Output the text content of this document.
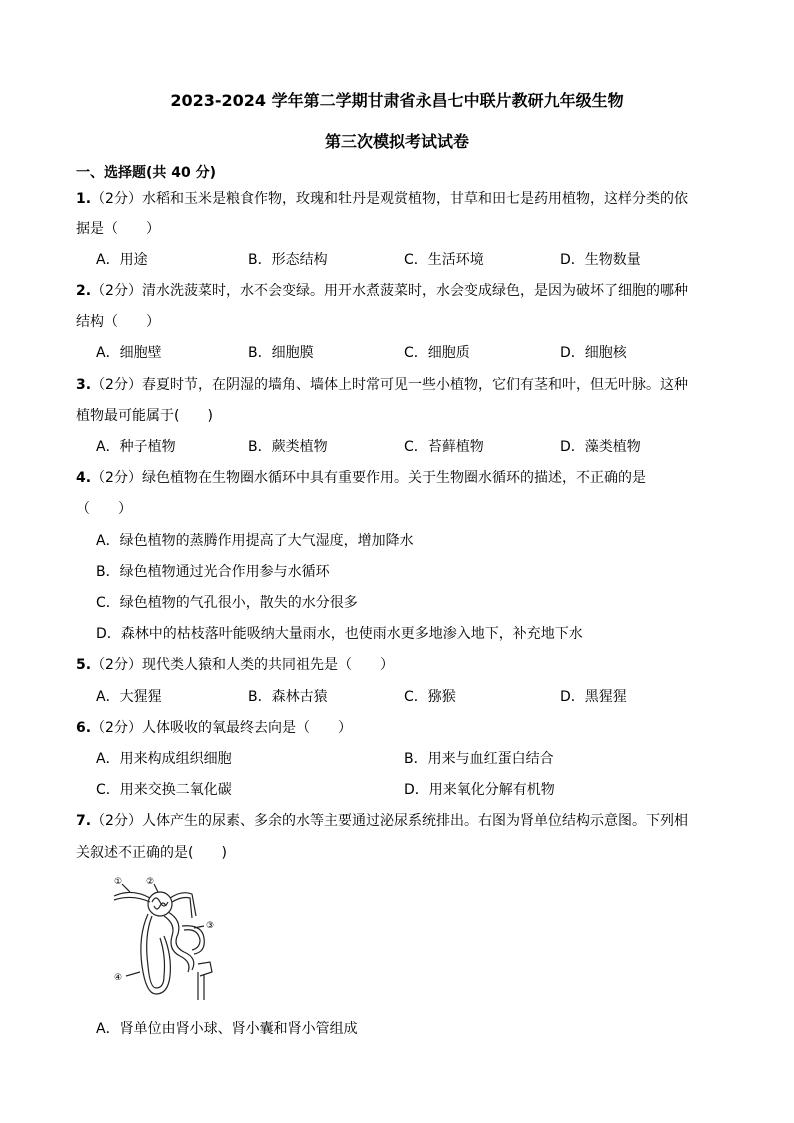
2023-2024 学年第二学期甘肃省永昌七中联片教研九年级生物
第三次模拟考试试卷
一、选择题(共 40 分)
1.（2分）水稻和玉米是粮食作物，玫瑰和牡丹是观赏植物，甘草和田七是药用植物，这样分类的依
据是（　　）
A．用途	B．形态结构	C．生活环境	D．生物数量
2.（2分）清水洗菠菜时，水不会变绿。用开水煮菠菜时，水会变成绿色，是因为破坏了细胞的哪种
结构（　　）
A．细胞壁	B．细胞膜	C．细胞质	D．细胞核
3.（2分）春夏时节，在阴湿的墙角、墙体上时常可见一些小植物，它们有茎和叶，但无叶脉。这种
植物最可能属于(　　)
A．种子植物	B．蕨类植物	C．苔藓植物	D．藻类植物
4.（2分）绿色植物在生物圈水循环中具有重要作用。关于生物圈水循环的描述，不正确的是
（　　）
A．绿色植物的蒸腾作用提高了大气湿度，增加降水
B．绿色植物通过光合作用参与水循环
C．绿色植物的气孔很小，散失的水分很多
D．森林中的枯枝落叶能吸纳大量雨水，也使雨水更多地渗入地下，补充地下水
5.（2分）现代类人猿和人类的共同祖先是（　　）
A．大猩猩	B．森林古猿	C．猕猴	D．黑猩猩
6.（2分）人体吸收的氧最终去向是（　　）
A．用来构成组织细胞	B．用来与血红蛋白结合
C．用来交换二氧化碳	D．用来氧化分解有机物
7.（2分）人体产生的尿素、多余的水等主要通过泌尿系统排出。右图为肾单位结构示意图。下列相
关叙述不正确的是(　　)
①	②
③
④
A．肾单位由肾小球、肾小囊和肾小管组成
